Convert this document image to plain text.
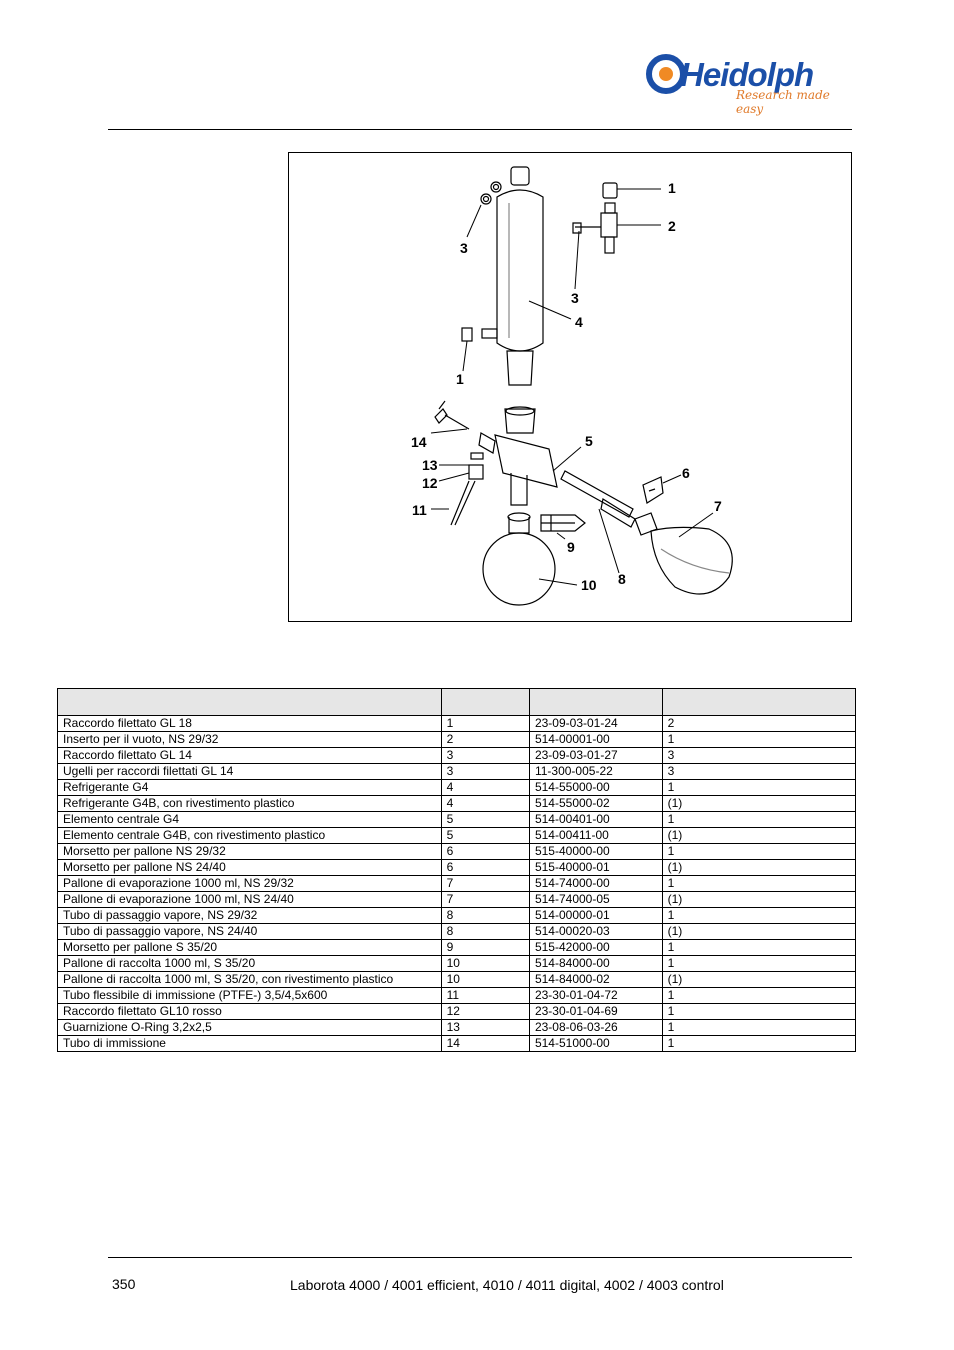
Heidolph
Research made easy
1
2
3
3
4
1
14	5
13
12
11
6
7
9
8
10

Raccordo filettato GL 18	1	23-09-03-01-24	2
Inserto per il vuoto, NS 29/32	2	514-00001-00	1
Raccordo filettato GL 14	3	23-09-03-01-27	3
Ugelli per raccordi filettati GL 14	3	11-300-005-22	3
Refrigerante G4	4	514-55000-00	1
Refrigerante G4B, con rivestimento plastico	4	514-55000-02	(1)
Elemento centrale G4	5	514-00401-00	1
Elemento centrale G4B, con rivestimento plastico	5	514-00411-00	(1)
Morsetto per pallone NS 29/32	6	515-40000-00	1
Morsetto per pallone NS 24/40	6	515-40000-01	(1)
Pallone di evaporazione 1000 ml, NS 29/32	7	514-74000-00	1
Pallone di evaporazione 1000 ml, NS 24/40	7	514-74000-05	(1)
Tubo di passaggio vapore, NS 29/32	8	514-00000-01	1
Tubo di passaggio vapore, NS 24/40	8	514-00020-03	(1)
Morsetto per pallone S 35/20	9	515-42000-00	1
Pallone di raccolta 1000 ml, S 35/20	10	514-84000-00	1
Pallone di raccolta 1000 ml, S 35/20, con rivestimento plastico	10	514-84000-02	(1)
Tubo flessibile di immissione (PTFE-) 3,5/4,5x600	11	23-30-01-04-72	1
Raccordo filettato GL10 rosso	12	23-30-01-04-69	1
Guarnizione O-Ring 3,2x2,5	13	23-08-06-03-26	1
Tubo di immissione	14	514-51000-00	1
350	Laborota 4000 / 4001 efficient, 4010 / 4011 digital, 4002 / 4003 control
